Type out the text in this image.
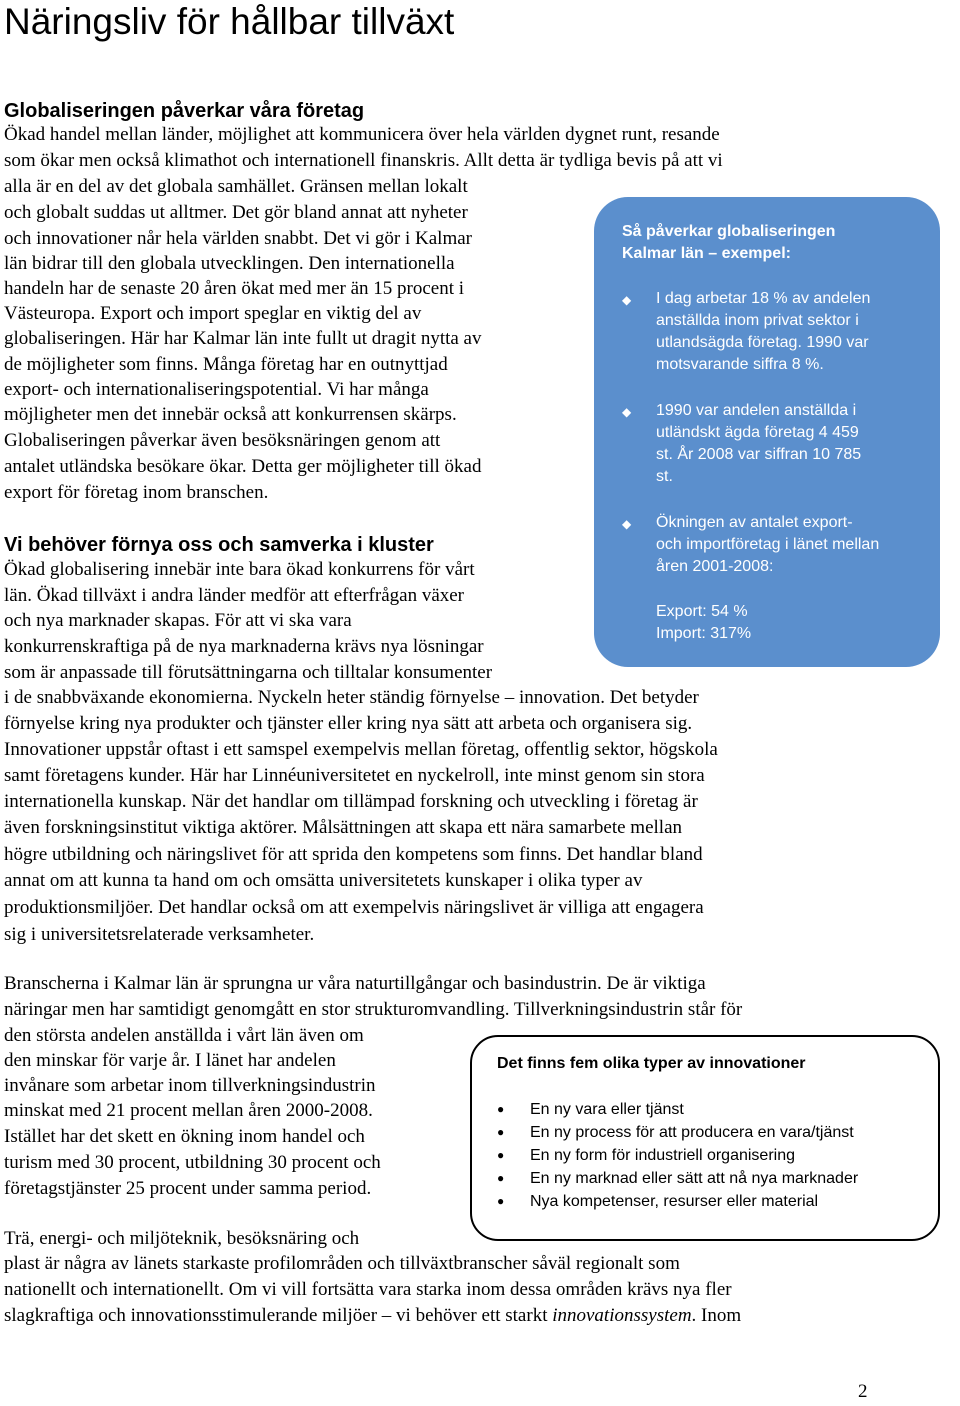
Näringsliv för hållbar tillväxt
Globaliseringen påverkar våra företag
Ökad handel mellan länder, möjlighet att kommunicera över hela världen dygnet runt, resande
som ökar men också klimathot och internationell finanskris. Allt detta är tydliga bevis på att vi
alla är en del av det globala samhället. Gränsen mellan lokalt
och globalt suddas ut alltmer. Det gör bland annat att nyheter
och innovationer når hela världen snabbt. Det vi gör i Kalmar
län bidrar till den globala utvecklingen. Den internationella
handeln har de senaste 20 åren ökat med mer än 15 procent i
Västeuropa. Export och import speglar en viktig del av
globaliseringen. Här har Kalmar län inte fullt ut dragit nytta av
de möjligheter som finns. Många företag har en outnyttjad
export- och internationaliseringspotential. Vi har många
möjligheter men det innebär också att konkurrensen skärps.
Globaliseringen påverkar även besöksnäringen genom att
antalet utländska besökare ökar. Detta ger möjligheter till ökad
export för företag inom branschen.
Vi behöver förnya oss och samverka i kluster
Ökad globalisering innebär inte bara ökad konkurrens för vårt
län. Ökad tillväxt i andra länder medför att efterfrågan växer
och nya marknader skapas. För att vi ska vara
konkurrenskraftiga på de nya marknaderna krävs nya lösningar
som är anpassade till förutsättningarna och tilltalar konsumenter
i de snabbväxande ekonomierna. Nyckeln heter ständig förnyelse – innovation. Det betyder
förnyelse kring nya produkter och tjänster eller kring nya sätt att arbeta och organisera sig.
Innovationer uppstår oftast i ett samspel exempelvis mellan företag, offentlig sektor, högskola
samt företagens kunder. Här har Linnéuniversitetet en nyckelroll, inte minst genom sin stora
internationella kunskap. När det handlar om tillämpad forskning och utveckling i företag är
även forskningsinstitut viktiga aktörer. Målsättningen att skapa ett nära samarbete mellan
högre utbildning och näringslivet för att sprida den kompetens som finns. Det handlar bland
annat om att kunna ta hand om och omsätta universitetets kunskaper i olika typer av
produktionsmiljöer. Det handlar också om att exempelvis näringslivet är villiga att engagera
sig i universitetsrelaterade verksamheter.
Branscherna i Kalmar län är sprungna ur våra naturtillgångar och basindustrin. De är viktiga
näringar men har samtidigt genomgått en stor strukturomvandling. Tillverkningsindustrin står för
den största andelen anställda i vårt län även om
den minskar för varje år. I länet har andelen
invånare som arbetar inom tillverkningsindustrin
minskat med 21 procent mellan åren 2000-2008.
Istället har det skett en ökning inom handel och
turism med 30 procent, utbildning 30 procent och
företagstjänster 25 procent under samma period.
Trä, energi- och miljöteknik, besöksnäring och
plast är några av länets starkaste profilområden och tillväxtbranscher såväl regionalt som
nationellt och internationellt. Om vi vill fortsätta vara starka inom dessa områden krävs nya fler
slagkraftiga och innovationsstimulerande miljöer – vi behöver ett starkt innovationssystem. Inom
Så påverkar globaliseringen
Kalmar län – exempel:
◆ I dag arbetar 18 % av andelen
anställda inom privat sektor i
utlandsägda företag. 1990 var
motsvarande siffra 8 %.
◆ 1990 var andelen anställda i
utländskt ägda företag 4 459
st. År 2008 var siffran 10 785
st.
◆ Ökningen av antalet export-
och importföretag i länet mellan
åren 2001-2008:
Export: 54 %
Import: 317%
Det finns fem olika typer av innovationer
● En ny vara eller tjänst
● En ny process för att producera en vara/tjänst
● En ny form för industriell organisering
● En ny marknad eller sätt att nå nya marknader
● Nya kompetenser, resurser eller material
2
